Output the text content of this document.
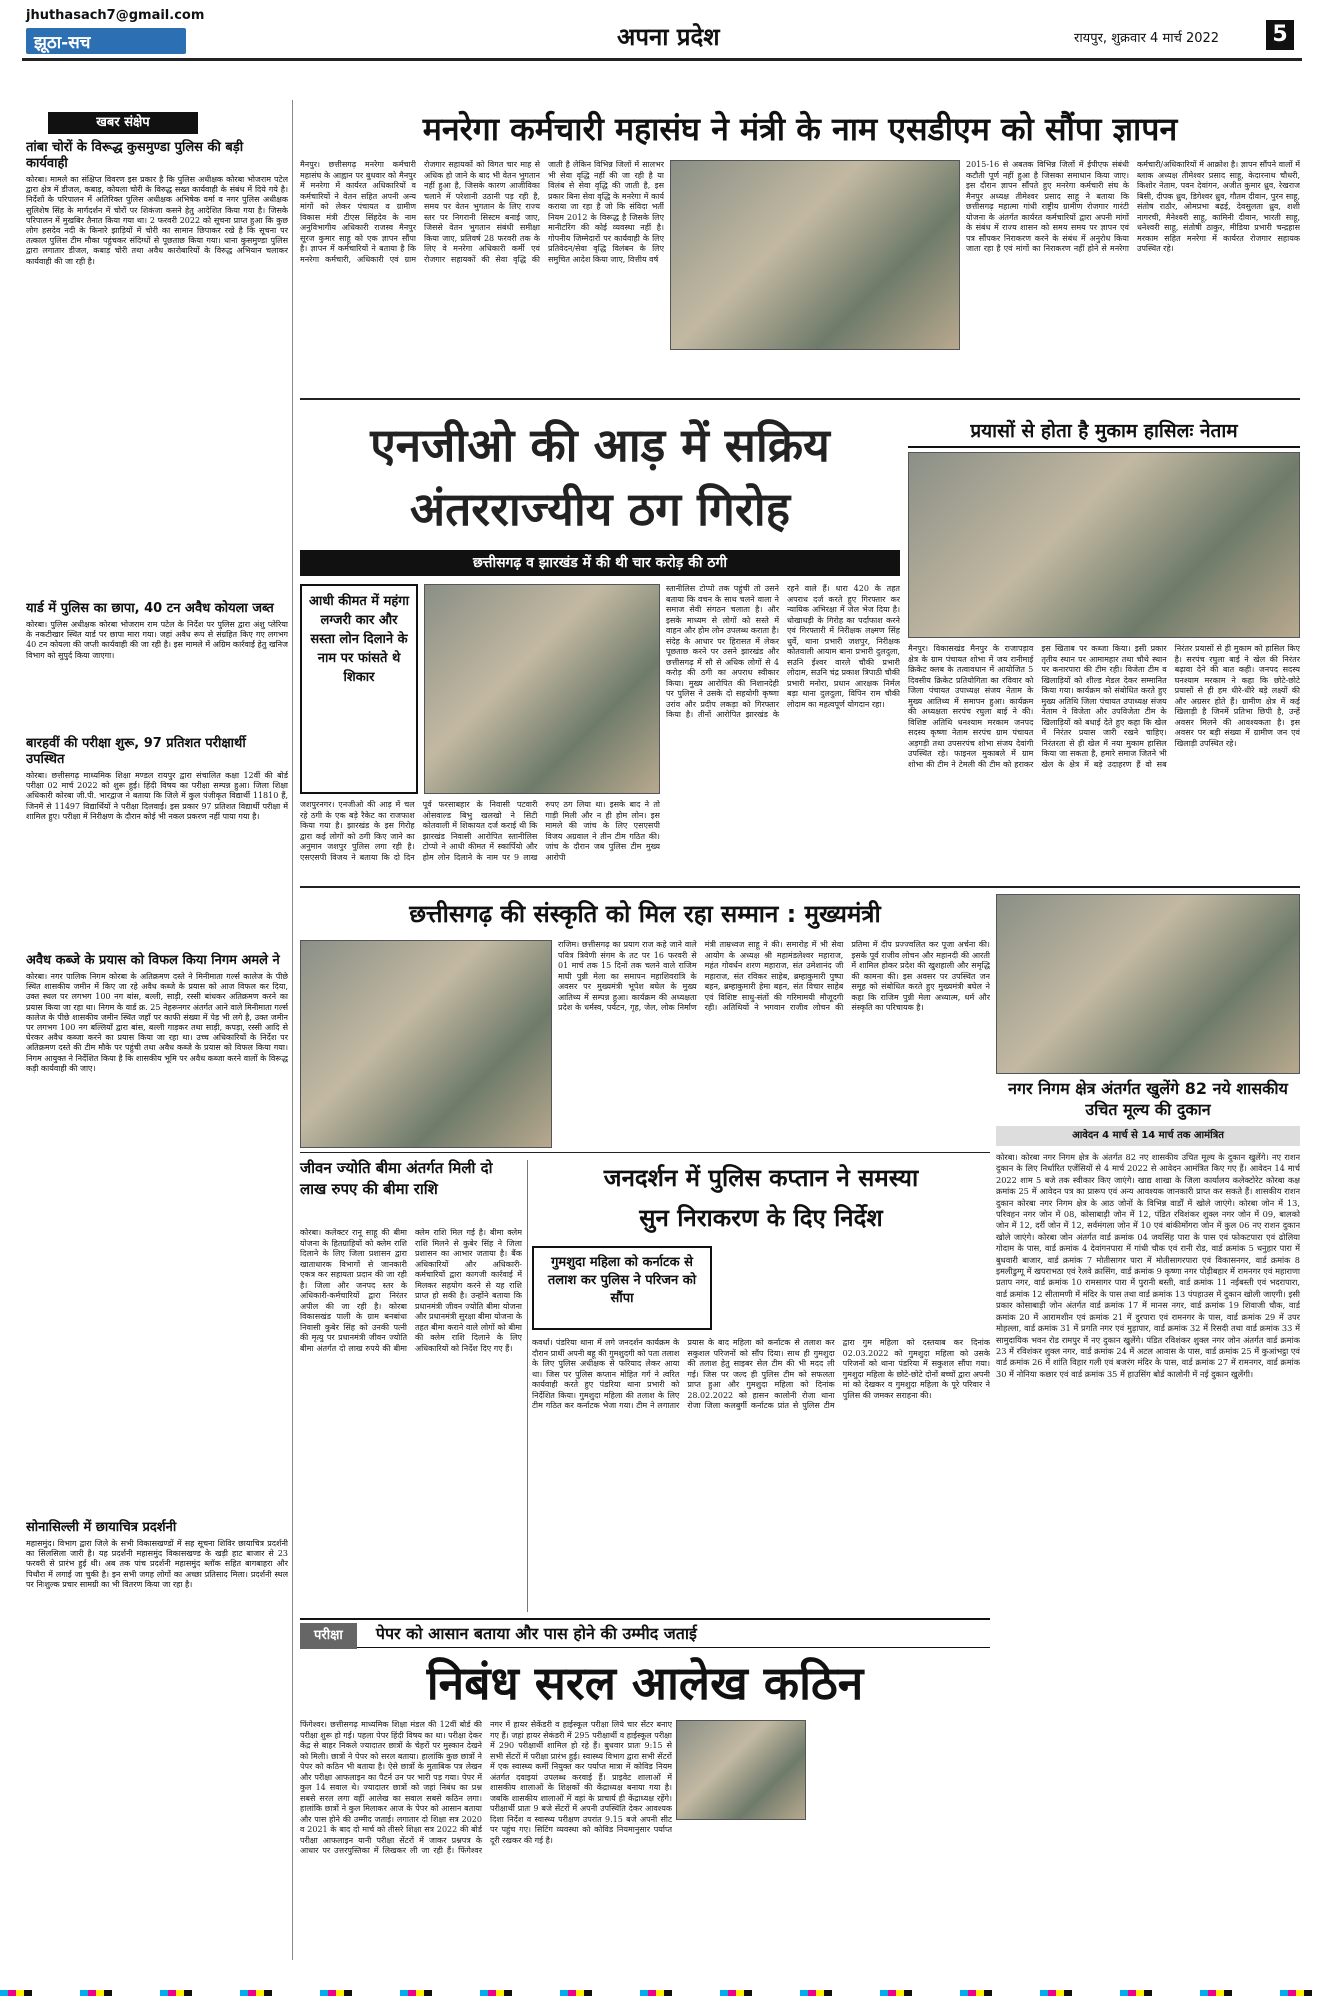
jhuthasach7@gmail.com
झूठा-सच	अपना प्रदेश	रायपुर, शुक्रवार 4 मार्च 2022 5
खबर संक्षेप
तांबा चोरों के विरूद्ध कुसमुण्डा पुलिस की बड़ी कार्यवाही
कोरबा। मामले का संक्षिप्त विवरण इस प्रकार है कि पुलिस अधीक्षक कोरबा भोजराम पटेल द्वारा क्षेत्र में डीजल, कबाड़, कोयला चोरी के विरुद्ध सख्त कार्यवाही के संबंध में दिये गये है। निर्देशों के परिपालन में अतिरिक्त पुलिस अधीक्षक अभिषेक वर्मा व नगर पुलिस अधीक्षक सुलिशेष सिंह के मार्गदर्शन में चोरों पर शिकंजा कसने हेतु आदेशित किया गया है। जिसके परिपालन में मुखबिर तैनात किया गया था। 2 फरवरी 2022 को सूचना प्राप्त हुआ कि कुछ लोग हसदेव नदी के किनारे झाड़ियों में चोरी का सामान छिपाकर रखे है कि सूचना पर तत्काल पुलिस टीम मौका पहुंचकर संदिग्धों से पूछताछ किया गया। धाना कुसमुण्डा पुलिस द्वारा लगातार डीजल, कबाड़ चोरी तथा अवैध कारोबारियों के विरुद्ध अभियान चलाकर कार्यवाही की जा रही है।
यार्ड में पुलिस का छापा, 40 टन अवैध कोयला जब्त
कोरबा। पुलिस अधीक्षक कोरबा भोजराम राम पटेल के निर्देश पर पुलिस द्वारा अंशु प्लेरिया के नकटीखार स्थित यार्ड पर छापा मारा गया। जहां अवैध रूप से संग्रहित किए गए लगभग 40 टन कोयला की जप्ती कार्यवाही की जा रही है। इस मामले में अग्रिम कार्रवाई हेतु खनिज विभाग को सुपुर्द किया जाएगा।
बारहवीं की परीक्षा शुरू, 97 प्रतिशत परीक्षार्थी उपस्थित
कोरबा। छत्तीसगढ़ माध्यमिक शिक्षा मण्डल रायपुर द्वारा संचालित कक्षा 12वीं की बोर्ड परीक्षा 02 मार्च 2022 को शुरू हुई। हिंदी विषय का परीक्षा सम्पन्न हुआ। जिला शिक्षा अधिकारी कोरबा जी.पी. भारद्वाज ने बताया कि जिले में कुल पंजीकृत विद्यार्थी 11810 हैं, जिनमें से 11497 विद्यार्थियों ने परीक्षा दिलवाई। इस प्रकार 97 प्रतिशत विद्यार्थी परीक्षा में शामिल हुए। परीक्षा में निरीक्षण के दौरान कोई भी नकल प्रकरण नहीं पाया गया है।
अवैध कब्जे के प्रयास को विफल किया निगम अमले ने
कोरबा। नगर पालिक निगम कोरबा के अतिक्रमण दस्ते ने मिनीमाता गर्ल्स कालेज के पीछे स्थित शासकीय जमीन में किए जा रहे अवैध कब्जे के प्रयास को आज विफल कर दिया, उक्त स्थल पर लगभग 100 नग बांस, बल्ली, साड़ी, रस्सी बांधकर अतिक्रमण करने का प्रयास किया जा रहा था। निगम के वार्ड क्र. 25 नेहरूनगर अंतर्गत आने वाले मिनीमाता गर्ल्स कालेज के पीछे शासकीय जमीन स्थित जहाँ पर काफी संख्या में पेड़ भी लगे है, उक्त जमीन पर लगभग 100 नग बल्लियाँ द्वारा बांस, बल्ली गाड़कर तथा साड़ी, कपड़ा, रस्सी आदि से घेरकर अवैध कब्जा करने का प्रयास किया जा रहा था। उच्च अधिकारियों के निर्देश पर अतिक्रमण दस्ते की टीम मौके पर पहुंची तथा अवैध कब्जे के प्रयास को विफल किया गया। निगम आयुक्त ने निर्देशित किया है कि शासकीय भूमि पर अवैध कब्जा करने वालों के विरूद्ध कड़ी कार्यवाही की जाए।
सोनासिल्ली में छायाचित्र प्रदर्शनी
महासमुंद। विभाग द्वारा जिले के सभी विकासखण्डों में सह सूचना शिविर छायाचित्र प्रदर्शनी का सिलसिला जारी है। यह प्रदर्शनी महासमुंद विकासखण्ड के खड़ी हाट बाजार से 23 फरवरी से प्रारंभ हुई थी। अब तक पांच प्रदर्शनी महासमुंद ब्लॉक सहित बागबाहरा और पिथौरा में लगाई जा चुकी है। इन सभी जगह लोगों का अच्छा प्रतिसाद मिला। प्रदर्शनी स्थल पर निःशुल्क प्रचार सामग्री का भी वितरण किया जा रहा है।
मनरेगा कर्मचारी महासंघ ने मंत्री के नाम एसडीएम को सौंपा ज्ञापन
मैनपुर। छत्तीसगढ़ मनरेगा कर्मचारी महासंघ के आह्वान पर बुधवार को मैनपुर में मनरेगा में कार्यरत अधिकारियों व कर्मचारियों ने वेतन सहित अपनी अन्य मांगों को लेकर पंचायत व ग्रामीण विकास मंत्री टीएस सिंहदेव के नाम अनुविभागीय अधिकारी राजस्व मैनपुर सूरज कुमार साहू को एक ज्ञापन सौंपा है। ज्ञापन में कर्मचारियों ने बताया है कि मनरेगा कर्मचारी, अधिकारी एवं ग्राम रोजगार सहायकों को विगत चार माह से अधिक हो जाने के बाद भी वेतन भुगतान नहीं हुआ है, जिसके कारण आजीविका चलाने में परेशानी उठानी पड़ रही है, समय पर वेतन भुगतान के लिए राज्य स्तर पर निगरानी सिस्टम बनाई जाए, जिससे वेतन भुगतान संबंधी समीक्षा किया जाए, प्रतिवर्ष 28 फरवरी तक के लिए वे मनरेगा अधिकारी कर्मी एवं रोजगार सहायकों की सेवा वृद्धि की जाती है लेकिन विभिन्न जिलों में सालभर भी सेवा वृद्धि नहीं की जा रही है या विलंब से सेवा वृद्धि की जाती है, इस प्रकार बिना सेवा वृद्धि के मनरेगा में कार्य कराया जा रहा है जो कि संविदा भर्ती नियम 2012 के विरूद्ध है जिसके लिए मानीटरिंग की कोई व्यवस्था नहीं है। गोपनीय जिम्मेदारों पर कार्यवाही के लिए प्रतिवेदन/सेवा वृद्धि विलंबन के लिए समुचित आदेश किया जाए, वित्तीय वर्ष
2015-16 से अबतक विभिन्न जिलों में ईपीएफ संबंधी कटौती पूर्ण नहीं हुआ है जिसका समाधान किया जाए। इस दौरान ज्ञापन सौंपते हुए मनरेगा कर्मचारी संघ के मैनपुर अध्यक्ष तीमेश्वर प्रसाद साहू ने बताया कि छत्तीसगढ़ महात्मा गांधी राष्ट्रीय ग्रामीण रोजगार गारंटी योजना के अंतर्गत कार्यरत कर्मचारियों द्वारा अपनी मांगों के संबंध में राज्य शासन को समय समय पर ज्ञापन एवं पत्र सौंपकर निराकरण करने के संबंध में अनुरोध किया जाता रहा है एवं मांगों का निराकरण नहीं होने से मनरेगा कर्मचारी/अधिकारियों में आक्रोश है। ज्ञापन सौंपने वालों में ब्लाक अध्यक्ष तीमेश्वर प्रसाद साहू, केदारनाथ चौधरी, किशोर नेताम, पवन देवांगन, अजीत कुमार ध्रुव, रेखराज बिसी, दीपक ध्रुव, डिगेश्वर ध्रुव, गौतम दीवान, पुरन साहू, संतोष राठौर, ओमप्रभा बढ़ई, देवसुलता ध्रुव, शशी नागरची, मैनेश्वरी साहू, कामिनी दीवान, भारती साहू, धनेश्वरी साहू, संतोषी ठाकुर, मीडिया प्रभारी चन्द्रहास मरकाम सहित मनरेगा में कार्यरत रोजगार सहायक उपस्थित रहे।
एनजीओ की आड़ में सक्रिय
अंतरराज्यीय ठग गिरोह
छत्तीसगढ़ व झारखंड में की थी चार करोड़ की ठगी
आधी कीमत में महंगा लग्जरी कार और सस्ता लोन दिलाने के नाम पर फांसते थे शिकार
स्तानीलिस टोप्पो तक पहुंची तो उसने बताया कि वचन के साथ चलने वाला ने समाज सेवी संगठन चलाता है। और इसके माध्यम से लोगों को सस्ते में वाहन और होम लोन उपलब्ध कराता है। संदेह के आधार पर हिरासत में लेकर पूछताछ करने पर उसने झारखंड और छत्तीसगढ़ में सौ से अधिक लोगों से 4 करोड़ की ठगी का अपराध स्वीकार किया। मुख्य आरोपित की निशानदेही पर पुलिस ने उसके दो सहयोगी कृष्णा उरांव और प्रदीप लकड़ा को गिरफ्तार किया है। तीनों आरोपित झारखंड के रहने वाले हैं। धारा 420 के तहत अपराध दर्ज करते हुए गिरफ्तार कर न्यायिक अभिरक्षा में जेल भेज दिया है। धोखाधड़ी के गिरोह का पर्दाफाश करने एवं गिरफ्तारी में निरीक्षक लक्ष्मण सिंह धुर्वे, थाना प्रभारी जशपुर, निरीक्षक कोतवाली आयाम बाना प्रभारी दुलदुला, सउनि ईश्वर वारले चौकी प्रभारी लोदाम, सउनि चंद्र प्रकाश त्रिपाठी चौकी प्रभारी मनोरा, प्रधान आरक्षक निर्मल बड़ा थाना दुलदुला, विपिन राम चौकी लोदाम का महत्वपूर्ण योगदान रहा।
जशपुरनगर। एनजीओ की आड़ में चल रहे ठगी के एक बड़े रैकेट का राजफाश किया गया है। झारखंड के इस गिरोह द्वारा कई लोगों को ठगी किए जाने का अनुमान जशपुर पुलिस लगा रही है। एसएसपी विजय ने बताया कि दो दिन पूर्व फरसाबहार के निवासी पटवारी ओसवाल्ड बिभु खलखो ने सिटी कोतवाली में शिकायत दर्ज कराई थी कि झारखंड निवासी आरोपित स्तानीलिस टोप्पो ने आधी कीमत में स्कार्पियो और होम लोन दिलाने के नाम पर 9 लाख रुपए ठग लिया था। इसके बाद ने तो गाड़ी मिली और न ही होम लोन। इस मामले की जांच के लिए एसएसपी विजय अग्रवाल ने तीन टीम गठित की। जांच के दौरान जब पुलिस टीम मुख्य आरोपी
प्रयासों से होता है मुकाम हासिलः नेताम
मैनपुर। विकासखंड मैनपुर के राजापड़ाव क्षेत्र के ग्राम पंचायत शोभा में जय रानीमाई क्रिकेट क्लब के तत्वावधान में आयोजित 5 दिवसीय क्रिकेट प्रतियोगिता का रविवार को जिला पंचायत उपाध्यक्ष संजय नेताम के मुख्य आतिथ्य में समापन हुआ। कार्यक्रम की अध्यक्षता सरपंच रघुला बाई ने की। विशिष्ट अतिथि धनश्याम मरकाम जनपद सदस्य कृष्णा नेताम सरपंच ग्राम पंचायत अड़गड़ी तथा उपसरपंच शोभा संजय देवांगी उपस्थित रहे। फाइनल मुकाबले में ग्राम शोभा की टीम ने टेमली की टीम को हराकर इस खिताब पर कब्जा किया। इसी प्रकार तृतीय स्थान पर आमामहार तथा चौथे स्थान पर कनारपारा की टीम रही। विजेता टीम व खिलाड़ियों को शील्ड मेडल देकर सम्मानित किया गया। कार्यक्रम को संबोधित करते हुए मुख्य अतिथि जिला पंचायत उपाध्यक्ष संजय नेताम ने विजेता और उपविजेता टीम के खिलाड़ियों को बधाई देते हुए कहा कि खेल में निरंतर प्रयास जारी रखने चाहिए। निरंतरता से ही खेल में नया मुकाम हासिल किया जा सकता है, हमारे समाज जितने भी खेल के क्षेत्र में बड़े उदाहरण हैं वो सब निरंतर प्रयासों से ही मुकाम को हासिल किए है। सरपंच रघुला बाई ने खेल की निरंतर बढ़ावा देने की बात कही। जनपद सदस्य घनश्याम मरकाम ने कहा कि छोटे-छोटे प्रयासों से ही हम धीरे-धीरे बड़े लक्ष्यों की और अग्रसर होते हैं। ग्रामीण क्षेत्र में कई खिलाड़ी है जिनमें प्रतिभा छिपी है, उन्हें अवसर मिलने की आवश्यकता है। इस अवसर पर बड़ी संख्या में ग्रामीण जन एवं खिलाड़ी उपस्थित रहे।
छत्तीसगढ़ की संस्कृति को मिल रहा सम्मान : मुख्यमंत्री
राजिम। छत्तीसगढ़ का प्रयाग राज कहे जाने वाले पवित्र त्रिवेणी संगम के तट पर 16 फरवरी से 01 मार्च तक 15 दिनों तक चलने वाले राजिम माघी पुन्नी मेला का समापन महाशिवरात्रि के अवसर पर मुख्यमंत्री भूपेश बघेल के मुख्य आतिथ्य में सम्पन्न हुआ। कार्यक्रम की अध्यक्षता प्रदेश के धर्मस्व, पर्यटन, गृह, जेल, लोक निर्माण मंत्री ताम्रध्वज साहू ने की। समारोह में भी सेवा आयोग के अध्यक्ष श्री महामंडलेश्वर महाराज, महंत गोवर्धन शरण महाराज, संत उमेशानंद जी महाराज, संत रविकर साहेब, ब्रम्हाकुमारी पुष्पा बहन, ब्रम्हाकुमारी हेमा बहन, संत विचार साहेब एवं विशिष्ट साधु-संतों की गरिमामयी मौजूदगी रही। अतिथियों ने भगवान राजीव लोचन की प्रतिमा में दीप प्रज्ज्वलित कर पूजा अर्चना की। इसके पूर्व राजीव लोचन और महानदी की आरती में शामिल होकर प्रदेश की खुशहाली और समृद्धि की कामना की। इस अवसर पर उपस्थित जन समूह को संबोधित करते हुए मुख्यमंत्री बघेल ने कहा कि राजिम पुन्नी मेला अध्यात्म, धर्म और संस्कृति का परिचायक है।
नगर निगम क्षेत्र अंतर्गत खुलेंगे 82 नये शासकीय उचित मूल्य की दुकान
आवेदन 4 मार्च से 14 मार्च तक आमंत्रित
कोरबा। कोरबा नगर निगम क्षेत्र के अंतर्गत 82 नए शासकीय उचित मूल्य के दुकान खुलेंगे। नए राशन दुकान के लिए निर्धारित एजेंसियों से 4 मार्च 2022 से आवेदन आमंत्रित किए गए हैं। आवेदन 14 मार्च 2022 शाम 5 बजे तक स्वीकार किए जाएंगे। खाद्य शाखा के जिला कार्यालय कलेक्टोरेट कोरबा कक्ष क्रमांक 25 में आवेदन पत्र का प्रारूप एवं अन्य आवश्यक जानकारी प्राप्त कर सकते हैं। शासकीय राशन दुकान कोरबा नगर निगम क्षेत्र के आठ जोनों के विभिन्न वार्डों में खोले जाएंगे। कोरबा जोन में 13, परिवहन नगर जोन में 08, कोसाबाड़ी जोन में 12, पंडित रविशंकर शुक्ल नगर जोन में 09, बालको जोन में 12, दर्री जोन में 12, सर्वमंगला जोन में 10 एवं बांकीमोंगरा जोन में कुल 06 नए राशन दुकान खोले जाएंगे। कोरबा जोन अंतर्गत वार्ड क्रमांक 04 जयसिंह पारा के पास एवं फोकटपारा एवं ढोलिया गोदाम के पास, वार्ड क्रमांक 4 देवांगनपारा में गांधी चौक एवं रानी रोड, वार्ड क्रमांक 5 धनुहार पारा में बुधवारी बाजार, वार्ड क्रमांक 7 मोतीसागर पारा में मोतीसागरपारा एवं विकासनगर, वार्ड क्रमांक 8 इमलीडुग्गू में खपराभठा एवं रेलवे क्रासिंग, वार्ड क्रमांक 9 कृष्णा नगर पोड़ीबहार में रामनगर एवं महाराणा प्रताप नगर, वार्ड क्रमांक 10 रामसागर पारा में पुरानी बस्ती, वार्ड क्रमांक 11 नईबस्ती एवं भदरापारा, वार्ड क्रमांक 12 सीतामणी में मंदिर के पास तथा वार्ड क्रमांक 13 पंपहाउस में दुकान खोली जाएगी। इसी प्रकार कोसाबाड़ी जोन अंतर्गत वार्ड क्रमांक 17 में मानस नगर, वार्ड क्रमांक 19 शिवाजी चौक, वार्ड क्रमांक 20 में आरामशीन एवं क्रमांक 21 में दुरपारा एवं रामनगर के पास, वार्ड क्रमांक 29 में उपर मोहल्ला, वार्ड क्रमांक 31 में प्रगति नगर एवं मुड़ापार, वार्ड क्रमांक 32 में रिसदी तथा वार्ड क्रमांक 33 में सामुदायिक भवन रोड रामपुर में नए दुकान खुलेंगे। पंडित रविशंकर शुक्ल नगर जोन अंतर्गत वार्ड क्रमांक 23 में रविशंकर शुक्ल नगर, वार्ड क्रमांक 24 में अटल आवास के पास, वार्ड क्रमांक 25 में कुआंभट्ठा एवं वार्ड क्रमांक 26 में शांति विहार गली एवं बजरंग मंदिर के पास, वार्ड क्रमांक 27 में रामनगर, वार्ड क्रमांक 30 में नोनिया कछार एवं वार्ड क्रमांक 35 में हाउसिंग बोर्ड कालोनी में नई दुकान खुलेंगी।
जीवन ज्योति बीमा अंतर्गत मिली दो लाख रुपए की बीमा राशि
कोरबा। कलेक्टर रानू साहू की बीमा योजना के हितग्राहियों को क्लेम राशि दिलाने के लिए जिला प्रशासन द्वारा खाताधारक विभागों से जानकारी एकत्र कर सहायता प्रदान की जा रही है। जिला और जनपद स्तर के अधिकारी-कर्मचारियों द्वारा निरंतर अपील की जा रही है। कोरबा विकासखंड पाली के ग्राम बनबांधा निवासी कुबेर सिंह को उनकी पत्नी की मृत्यु पर प्रधानमंत्री जीवन ज्योति बीमा अंतर्गत दो लाख रुपये की बीमा क्लेम राशि मिल गई है। बीमा क्लेम राशि मिलने से कुबेर सिंह ने जिला प्रशासन का आभार जताया है। बैंक अधिकारियों और अधिकारी-कर्मचारियों द्वारा कागजी कार्रवाई में मिलकर सहयोग करने से यह राशि प्राप्त हो सकी है। उन्होंने बताया कि प्रधानमंत्री जीवन ज्योति बीमा योजना और प्रधानमंत्री सुरक्षा बीमा योजना के तहत बीमा कराने वाले लोगों को बीमा की क्लेम राशि दिलाने के लिए अधिकारियों को निर्देश दिए गए हैं।
जनदर्शन में पुलिस कप्तान ने समस्या
सुन निराकरण के दिए निर्देश
गुमशुदा महिला को कर्नाटक से तलाश कर पुलिस ने परिजन को सौंपा
कवर्धा। पंडरिया थाना में लगे जनदर्शन कार्यक्रम के दौरान प्रार्थी अपनी बहू की गुमशुदगी को पता तलाश के लिए पुलिस अधीक्षक से फरियाद लेकर आया था। जिस पर पुलिस कप्तान मोहित गर्ग ने त्वरित कार्यवाही करते हुए पंडरिया थाना प्रभारी को निर्देशित किया। गुमशुदा महिला की तलाश के लिए टीम गठित कर कर्नाटक भेजा गया। टीम ने लगातार प्रयास के बाद महिला को कर्नाटक से तलाश कर सकुशल परिजनों को सौंप दिया। साथ ही गुमशुदा की तलाश हेतु साइबर सेल टीम की भी मदद ली गई। जिस पर जल्द ही पुलिस टीम को सफलता प्राप्त हुआ और गुमशुदा महिला को दिनांक 28.02.2022 को हासन कालोनी रोजा थाना रोजा जिला कलबुर्गी कर्नाटक प्रांत से पुलिस टीम द्वारा गुम महिला को दस्तयाब कर दिनांक 02.03.2022 को गुमशुदा महिला को उसके परिजनों को थाना पंडरिया में सकुशल सौंपा गया। गुमशुदा महिला के छोटे-छोटे दोनों बच्चों द्वारा अपनी मां को देखकर व गुमशुदा महिला के पूरे परिवार ने पुलिस की जमकर सराहना की।
परीक्षा पेपर को आसान बताया और पास होने की उम्मीद जताई
निबंध सरल आलेख कठिन
फिंगेश्वर। छत्तीसगढ़ माध्यमिक शिक्षा मंडल की 12वीं बोर्ड की परीक्षा शुरू हो गई। पहला पेपर हिंदी विषय का था। परीक्षा देकर केंद्र से बाहर निकले ज्यादातर छात्रों के चेहरों पर मुस्कान देखने को मिली। छात्रों ने पेपर को सरल बताया। हालांकि कुछ छात्रों ने पेपर को कठिन भी बताया है। ऐसे छात्रों के मुताबिक पत्र लेखन और परीक्षा आफलाइन का पैटर्न उन पर भारी पड़ गया। पेपर में कुल 14 सवाल थे। ज्यादातर छात्रों को जहां निबंध का प्रश्न सबसे सरल लगा वहीं आलेख का सवाल सबसे कठिन लगा। हालांकि छात्रों ने कुल मिलाकर आज के पेपर को आसान बताया और पास होने की उम्मीद जताई। लगातार दो शिक्षा सत्र 2020 व 2021 के बाद दो मार्च को तीसरे शिक्षा सत्र 2022 की बोर्ड परीक्षा आफलाइन यानी परीक्षा सेंटरों में जाकर प्रश्नपत्र के आधार पर उत्तरपुस्तिका में लिखकर ली जा रही हैं। फिंगेश्वर नगर में हायर सेकेंडरी व हाईस्कूल परीक्षा लिये चार सेंटर बनाए गए हैं। जहां हायर सेकंडरी में 295 परीक्षार्थी व हाईस्कूल परीक्षा में 290 परीक्षार्थी शामिल हो रहे हैं। बुधवार प्रातः 9:15 से सभी सेंटरों में परीक्षा प्रारंभ हुई। स्वास्थ्य विभाग द्वारा सभी सेंटरों में एक स्वास्थ्य कर्मी नियुक्त कर पर्याप्त मात्रा में कोविड नियम अंतर्गत दवाइयां उपलब्ध करवाई हैं। प्राइवेट शालाओं में शासकीय शालाओं के शिक्षकों की केंद्राध्यक्ष बनाया गया है। जबकि शासकीय शालाओं में वहां के प्राचार्य ही केंद्राध्यक्ष रहेंगे। परीक्षार्थी प्रातः 9 बजे सेंटरों में अपनी उपस्थिति देकर आवश्यक दिशा निर्देश व स्वास्थ्य परीक्षण उपरांत 9.15 बजे अपनी सीट पर पहुंच गए। सिटिंग व्यवस्था को कोविड नियमानुसार पर्याप्त दूरी रखकर की गई है।
